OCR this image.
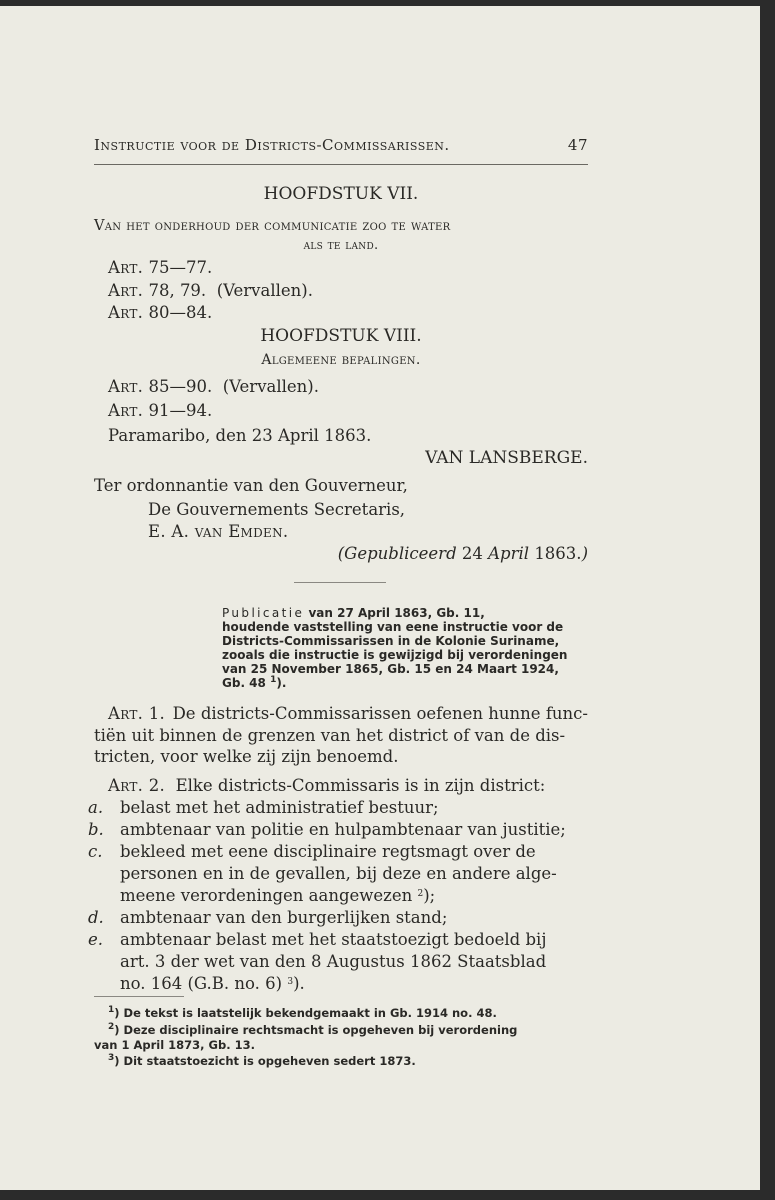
Instructie voor de Districts-Commissarissen.	47
HOOFDSTUK VII.
Van het onderhoud der communicatie zoo te water
als te land.
Art. 75—77.
Art. 78, 79. (Vervallen).
Art. 80—84.
HOOFDSTUK VIII.
Algemeene bepalingen.
Art. 85—90. (Vervallen).
Art. 91—94.
Paramaribo, den 23 April 1863.
VAN LANSBERGE.
Ter ordonnantie van den Gouverneur,
De Gouvernements Secretaris,
E. A. van Emden.
(Gepubliceerd 24 April 1863.)
Publicatie van 27 April 1863, Gb. 11,
houdende vaststelling van eene instructie voor de
Districts-Commissarissen in de Kolonie Suriname,
zooals die instructie is gewijzigd bij verordeningen
van 25 November 1865, Gb. 15 en 24 Maart 1924,
Gb. 48 $^1$).
Art. 1. De districts-Commissarissen oefenen hunne func-
tiën uit binnen de grenzen van het district of van de dis-
tricten, voor welke zij zijn benoemd.
Art. 2. Elke districts-Commissaris is in zijn district:
a. belast met het administratief bestuur;
b. ambtenaar van politie en hulpambtenaar van justitie;
c. bekleed met eene disciplinaire regtsmagt over de
personen en in de gevallen, bij deze en andere alge-
meene verordeningen aangewezen $^2$);
d. ambtenaar van den burgerlijken stand;
e. ambtenaar belast met het staatstoezigt bedoeld bij
art. 3 der wet van den 8 Augustus 1862 Staatsblad
no. 164 (G.B. no. 6) $^3$).
$^1$) De tekst is laatstelijk bekendgemaakt in Gb. 1914 no. 48.
$^2$) Deze disciplinaire rechtsmacht is opgeheven bij verordening
van 1 April 1873, Gb. 13.
$^3$) Dit staatstoezicht is opgeheven sedert 1873.
